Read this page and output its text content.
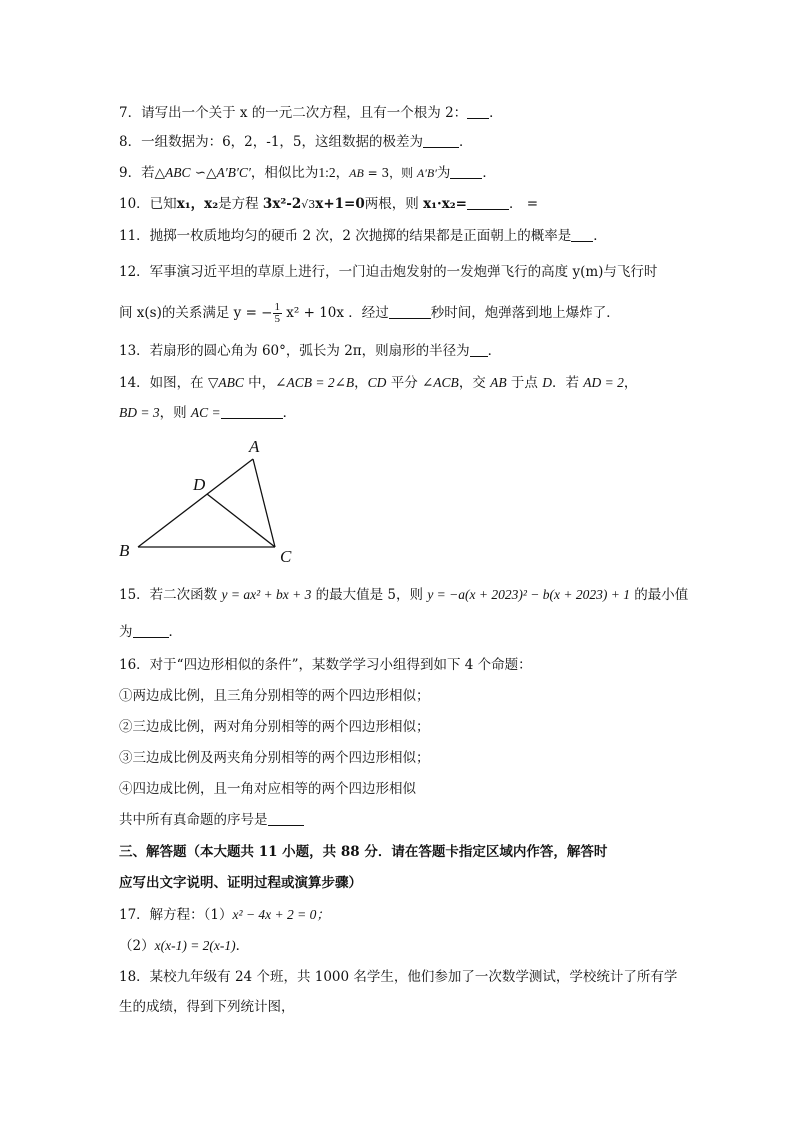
7．请写出一个关于 x 的一元二次方程，且有一个根为 2： ．
8．一组数据为：6，2，-1，5，这组数据的极差为	．
9．若△ABC ∽△A′B′C′，相似比为1:2，AB = 3，则 A′B′为 ．
10．已知x₁，x₂是方程 3x²-2√3x+1=0两根，则 x₁·x₂=	． =
11．抛掷一枚质地均匀的硬币 2 次，2 次抛掷的结果都是正面朝上的概率是 ．
12．军事演习近平坦的草原上进行，一门迫击炮发射的一发炮弹飞行的高度 y(m)与飞行时
间 x(s)的关系满足 y = − $\frac{1}{5} x^2 + 10x$ ．经过	秒时间，炮弹落到地上爆炸了．
13．若扇形的圆心角为 60°，弧长为 2π，则扇形的半径为 ．
14．如图，在 ▽ABC 中，∠ACB = 2∠B，CD 平分 ∠ACB，交 AB 于点 D．若 AD = 2，
BD = 3，则 AC =	．
A
B	C
D
15．若二次函数 y = ax² + bx + 3 的最大值是 5，则 y = −a(x + 2023)² − b(x + 2023) + 1 的最小值
为	．
16．对于“四边形相似的条件”，某数学学习小组得到如下 4 个命题：
①两边成比例，且三角分别相等的两个四边形相似；
②三边成比例，两对角分别相等的两个四边形相似；
③三边成比例及两夹角分别相等的两个四边形相似；
④四边成比例，且一角对应相等的两个四边形相似
共中所有真命题的序号是
三、解答题（本大题共 11 小题，共 88 分．请在答题卡指定区域内作答，解答时
应写出文字说明、证明过程或演算步骤）
17．解方程：（1）x² − 4x + 2 = 0；
（2）x(x-1) = 2(x-1)．
18．某校九年级有 24 个班，共 1000 名学生，他们参加了一次数学测试，学校统计了所有学
生的成绩，得到下列统计图，
